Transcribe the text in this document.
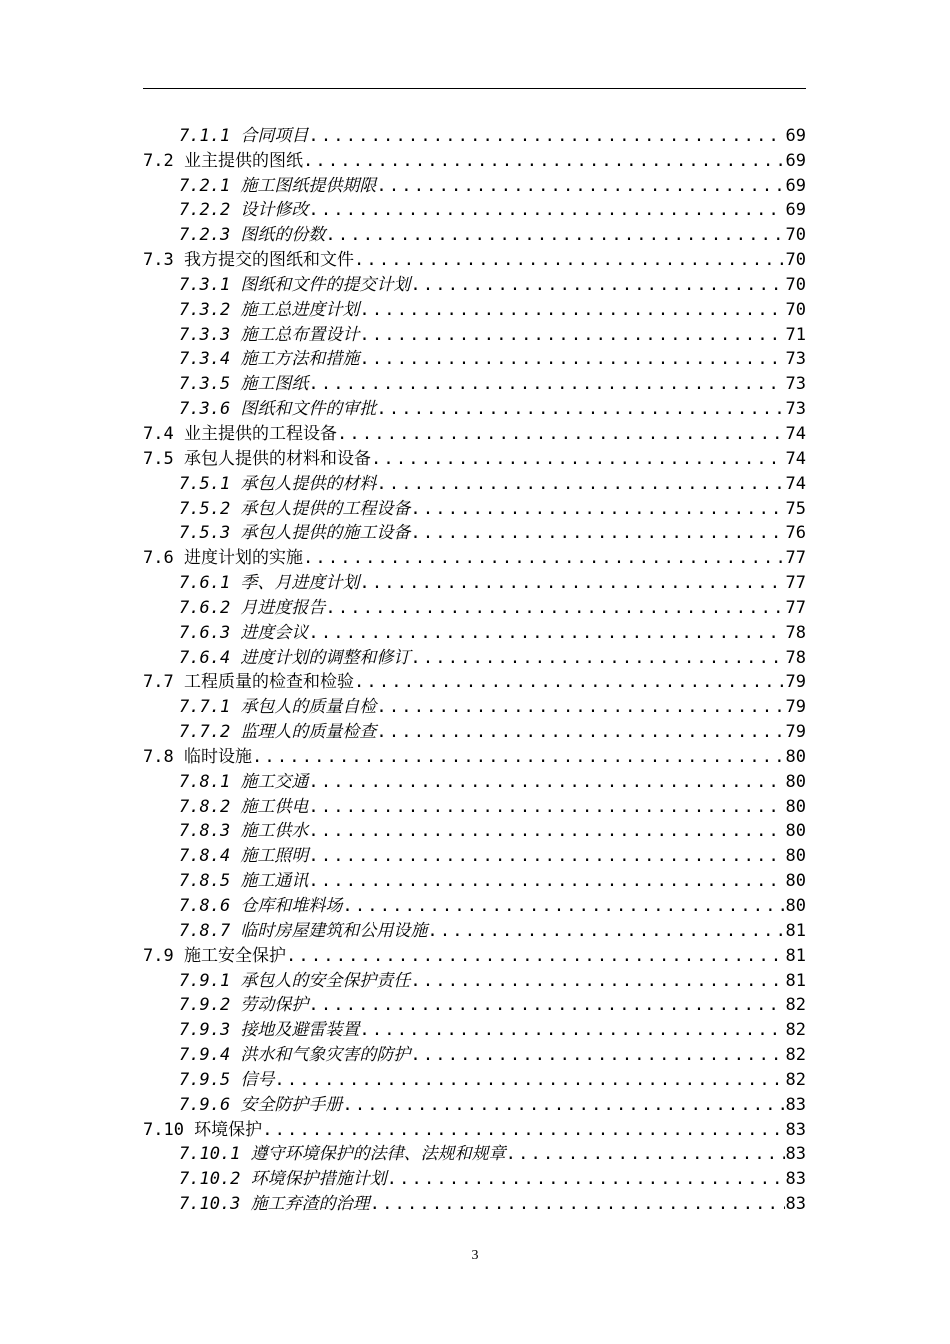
7.1.1 合同项目 .....	69
7.2 业主提供的图纸 .....	69
7.2.1 施工图纸提供期限 .....	69
7.2.2 设计修改 .....	69
7.2.3 图纸的份数 .....	70
7.3 我方提交的图纸和文件 .....	70
7.3.1 图纸和文件的提交计划 .....	70
7.3.2 施工总进度计划 .....	70
7.3.3 施工总布置设计 .....	71
7.3.4 施工方法和措施 .....	73
7.3.5 施工图纸 .....	73
7.3.6 图纸和文件的审批 .....	73
7.4 业主提供的工程设备 .....	74
7.5 承包人提供的材料和设备 .....	74
7.5.1 承包人提供的材料 .....	74
7.5.2 承包人提供的工程设备 .....	75
7.5.3 承包人提供的施工设备 .....	76
7.6 进度计划的实施 .....	77
7.6.1 季、月进度计划 .....	77
7.6.2 月进度报告 .....	77
7.6.3 进度会议 .....	78
7.6.4 进度计划的调整和修订 .....	78
7.7 工程质量的检查和检验 .....	79
7.7.1 承包人的质量自检 .....	79
7.7.2 监理人的质量检查 .....	79
7.8 临时设施 .....	80
7.8.1 施工交通 .....	80
7.8.2 施工供电 .....	80
7.8.3 施工供水 .....	80
7.8.4 施工照明 .....	80
7.8.5 施工通讯 .....	80
7.8.6 仓库和堆料场 .....	80
7.8.7 临时房屋建筑和公用设施 .....	81
7.9 施工安全保护 .....	81
7.9.1 承包人的安全保护责任 .....	81
7.9.2 劳动保护 .....	82
7.9.3 接地及避雷装置 .....	82
7.9.4 洪水和气象灾害的防护 .....	82
7.9.5 信号 .....	82
7.9.6 安全防护手册 .....	83
7.10 环境保护 .....	83
7.10.1 遵守环境保护的法律、法规和规章 .....	83
7.10.2 环境保护措施计划 .....	83
7.10.3 施工弃渣的治理 .....	83
3
